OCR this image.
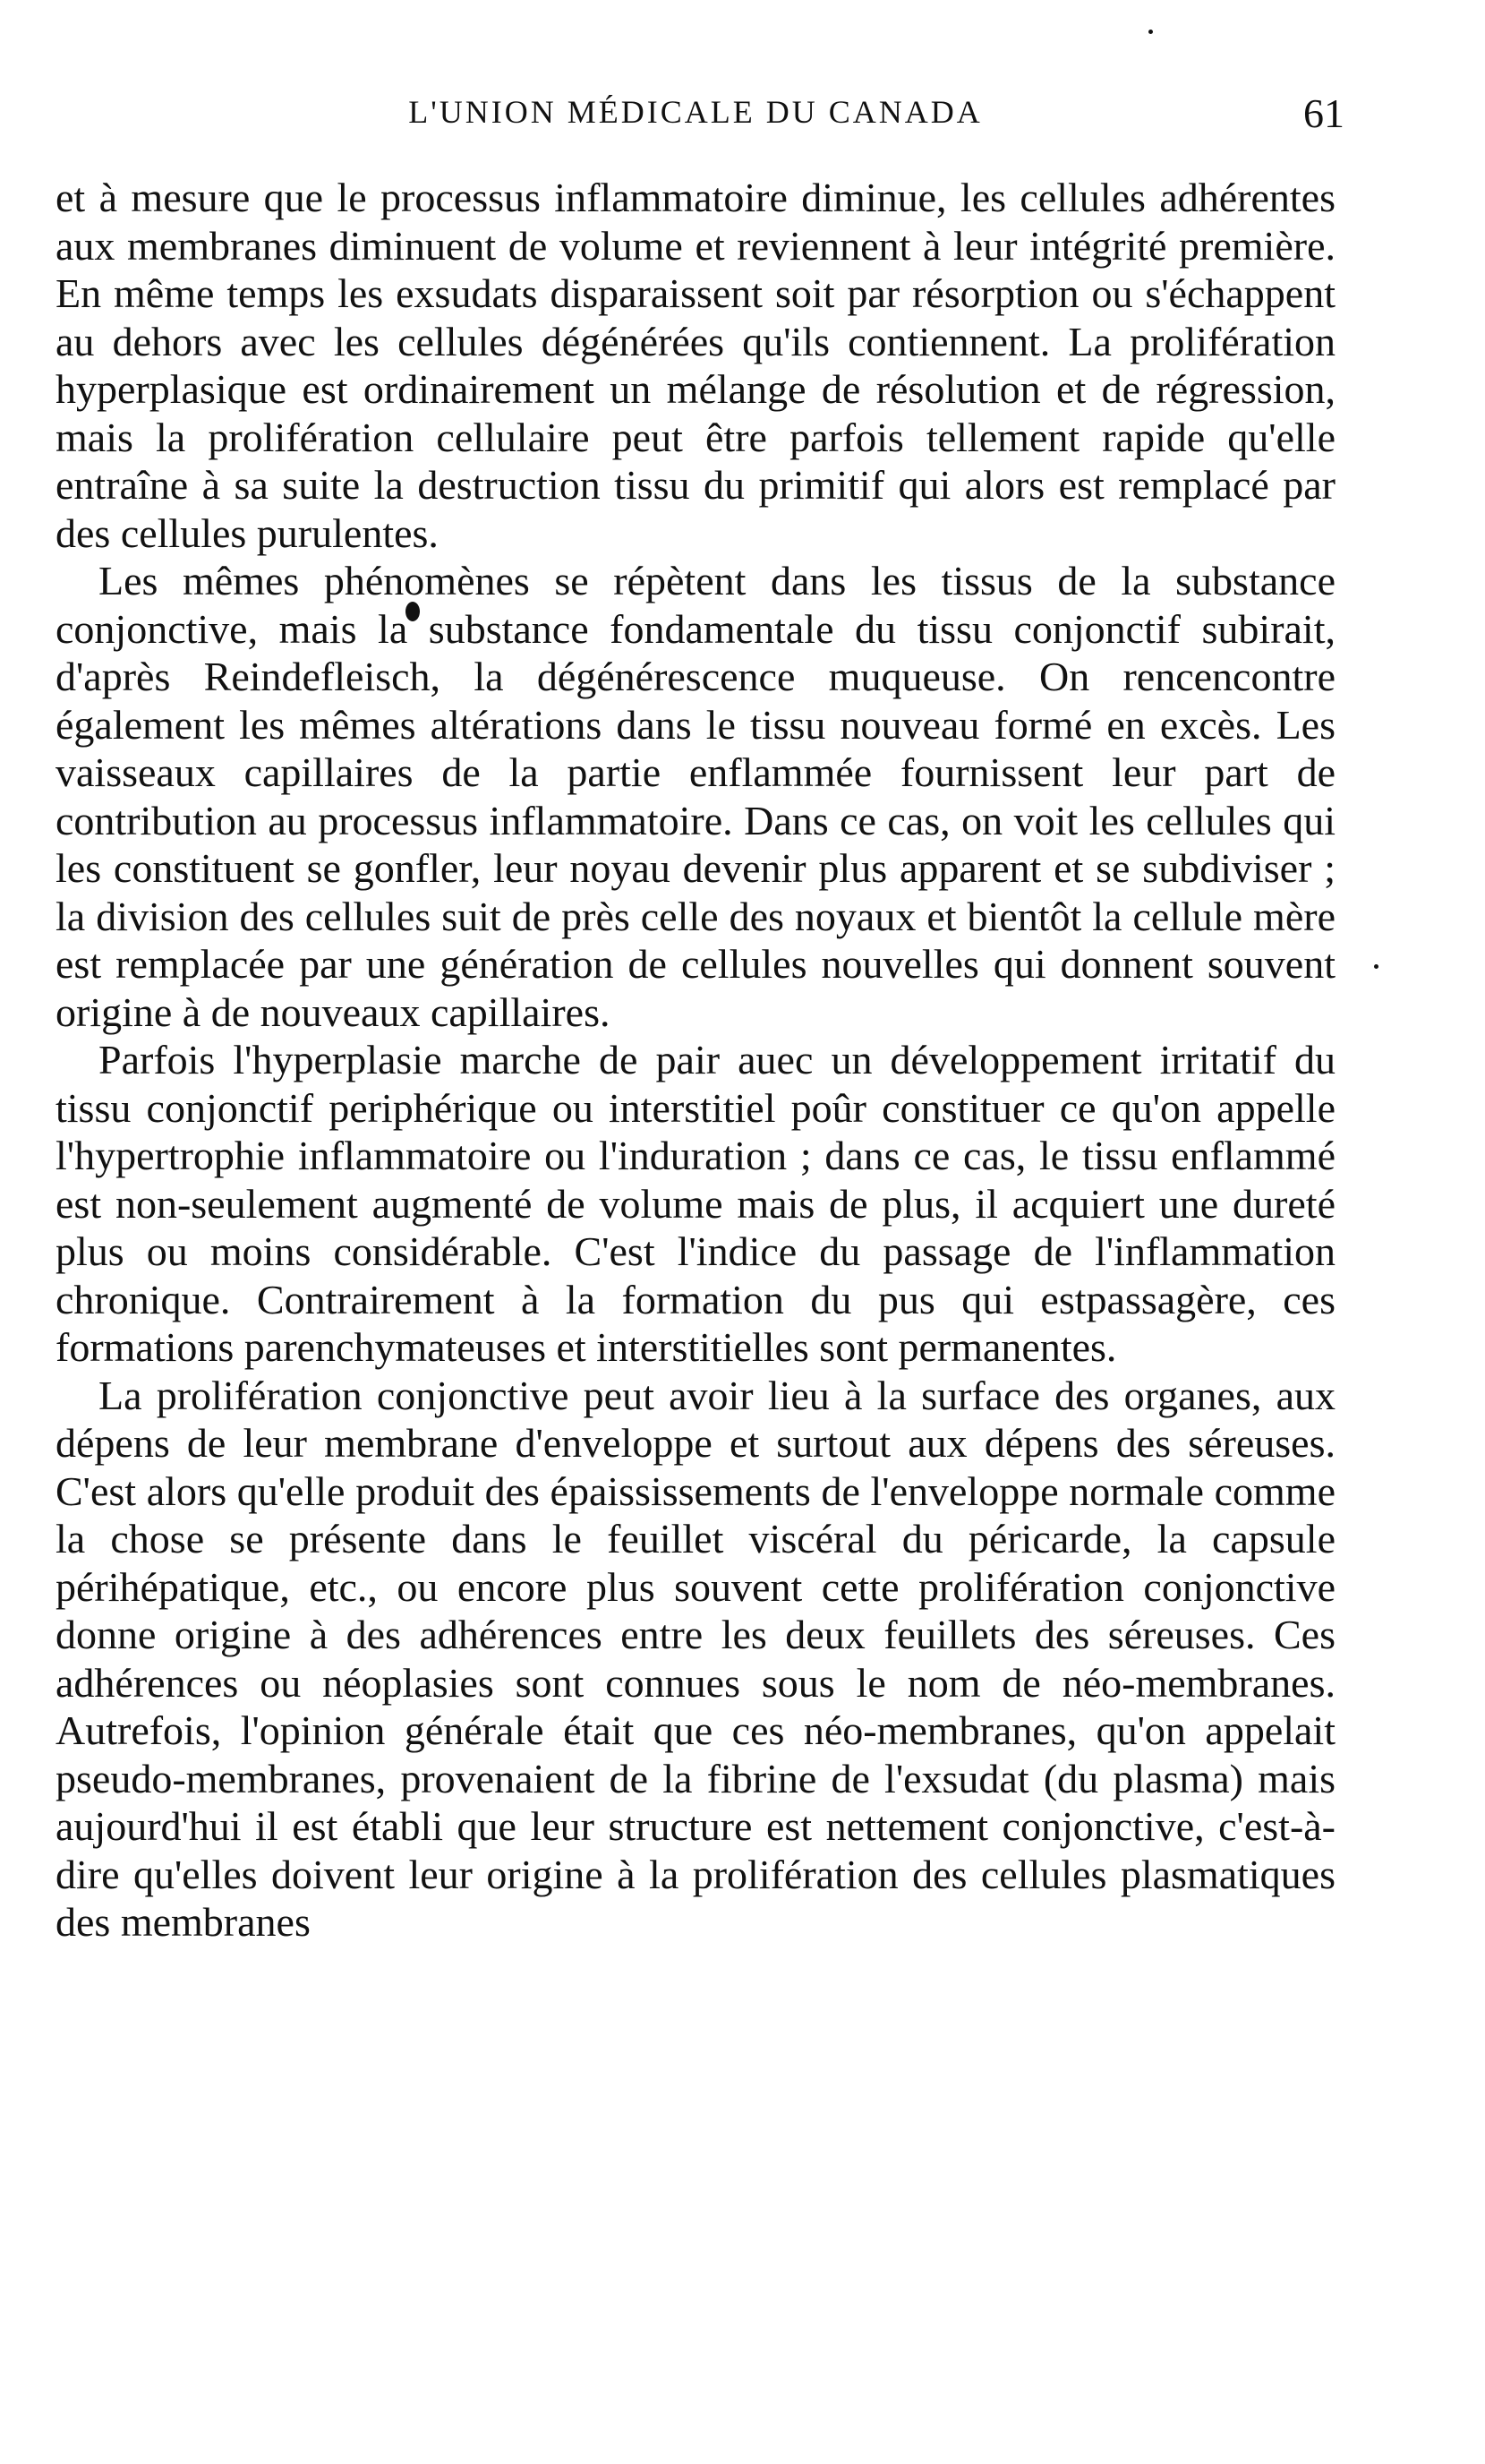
L'UNION MÉDICALE DU CANADA	61

et à mesure que le processus inflammatoire diminue, les cellules adhérentes aux membranes diminuent de volume et reviennent à leur intégrité première. En même temps les exsudats disparaissent soit par résorption ou s'échappent au dehors avec les cellules dégénérées qu'ils contiennent. La prolifération hyperplasique est ordinairement un mélange de résolution et de régression, mais la prolifération cellulaire peut être parfois tellement rapide qu'elle entraîne à sa suite la destruction tissu du primitif qui alors est remplacé par des cellules purulentes.

Les mêmes phénomènes se répètent dans les tissus de la substance conjonctive, mais la substance fondamentale du tissu conjonctif subirait, d'après Reindefleisch, la dégénérescence muqueuse. On rencencontre également les mêmes altérations dans le tissu nouveau formé en excès. Les vaisseaux capillaires de la partie enflammée fournissent leur part de contribution au processus inflammatoire. Dans ce cas, on voit les cellules qui les constituent se gonfler, leur noyau devenir plus apparent et se subdiviser ; la division des cellules suit de près celle des noyaux et bientôt la cellule mère est remplacée par une génération de cellules nouvelles qui donnent souvent origine à de nouveaux capillaires.

Parfois l'hyperplasie marche de pair auec un développement irritatif du tissu conjonctif periphérique ou interstitiel poûr constituer ce qu'on appelle l'hypertrophie inflammatoire ou l'induration ; dans ce cas, le tissu enflammé est non-seulement augmenté de volume mais de plus, il acquiert une dureté plus ou moins considérable. C'est l'indice du passage de l'inflammation chronique. Contrairement à la formation du pus qui estpassagère, ces formations parenchymateuses et interstitielles sont permanentes.

La prolifération conjonctive peut avoir lieu à la surface des organes, aux dépens de leur membrane d'enveloppe et surtout aux dépens des séreuses. C'est alors qu'elle produit des épaississements de l'enveloppe normale comme la chose se présente dans le feuillet viscéral du péricarde, la capsule périhépatique, etc., ou encore plus souvent cette prolifération conjonctive donne origine à des adhérences entre les deux feuillets des séreuses. Ces adhérences ou néoplasies sont connues sous le nom de néo-membranes. Autrefois, l'opinion générale était que ces néo-membranes, qu'on appelait pseudo-membranes, provenaient de la fibrine de l'exsudat (du plasma) mais aujourd'hui il est établi que leur structure est nettement conjonctive, c'est-à-dire qu'elles doivent leur origine à la prolifération des cellules plasmatiques des membranes
